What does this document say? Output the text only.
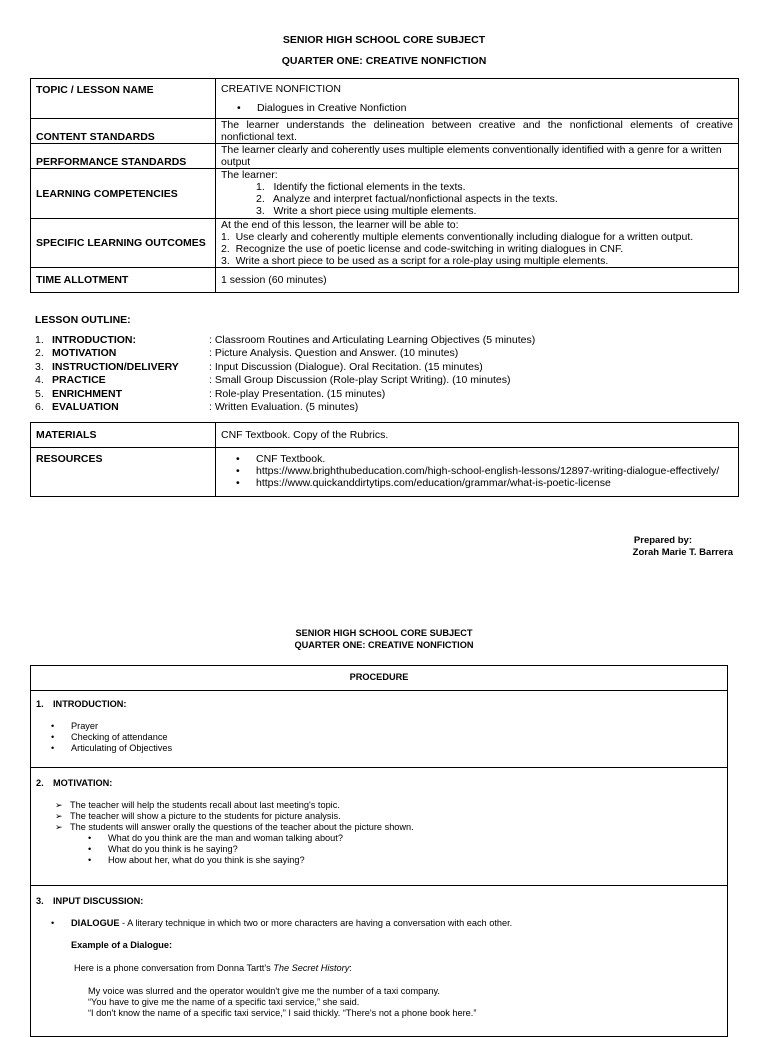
SENIOR HIGH SCHOOL CORE SUBJECT
QUARTER ONE: CREATIVE NONFICTION
TOPIC / LESSON NAME	CREATIVE NONFICTION
• Dialogues in Creative Nonfiction

CONTENT STANDARDS	The learner understands the delineation between creative and the nonfictional elements of creative nonfictional text.
PERFORMANCE STANDARDS	The learner clearly and coherently uses multiple elements conventionally identified with a genre for a written output
LEARNING COMPETENCIES	The learner:
1.   Identify the fictional elements in the texts.
2.   Analyze and interpret factual/nonfictional aspects in the texts.
3.   Write a short piece using multiple elements.

SPECIFIC LEARNING OUTCOMES	At the end of this lesson, the learner will be able to:
1.  Use clearly and coherently multiple elements conventionally including dialogue for a written output.
2.  Recognize the use of poetic license and code-switching in writing dialogues in CNF.
3.  Write a short piece to be used as a script for a role-play using multiple elements.

TIME ALLOTMENT	1 session (60 minutes)
LESSON OUTLINE:
1. INTRODUCTION:	: Classroom Routines and Articulating Learning Objectives (5 minutes)
2. MOTIVATION	: Picture Analysis. Question and Answer. (10 minutes)
3. INSTRUCTION/DELIVERY	: Input Discussion (Dialogue). Oral Recitation. (15 minutes)
4. PRACTICE	: Small Group Discussion (Role-play Script Writing). (10 minutes)
5. ENRICHMENT	: Role-play Presentation. (15 minutes)
6. EVALUATION	: Written Evaluation. (5 minutes)
MATERIALS	CNF Textbook. Copy of the Rubrics.
RESOURCES	
•CNF Textbook.
• https://www.brighthubeducation.com/high-school-english-lessons/12897-writing-dialogue-effectively/
• https://www.quickanddirtytips.com/education/grammar/what-is-poetic-license
Prepared by:
Zorah Marie T. Barrera
SENIOR HIGH SCHOOL CORE SUBJECT
QUARTER ONE: CREATIVE NONFICTION
PROCEDURE
1. INTRODUCTION:
• Prayer
• Checking of attendance
• Articulating of Objectives
2. MOTIVATION:
➢ The teacher will help the students recall about last meeting's topic.
➢ The teacher will show a picture to the students for picture analysis.
➢ The students will answer orally the questions of the teacher about the picture shown.
• What do you think are the man and woman talking about?
• What do you think is he saying?
• How about her, what do you think is she saying?
3. INPUT DISCUSSION:
• DIALOGUE - A literary technique in which two or more characters are having a conversation with each other.
Example of a Dialogue:
Here is a phone conversation from Donna Tartt's The Secret History:
My voice was slurred and the operator wouldn't give me the number of a taxi company.
“You have to give me the name of a specific taxi service,” she said.
“I don't know the name of a specific taxi service,” I said thickly. “There's not a phone book here.”
